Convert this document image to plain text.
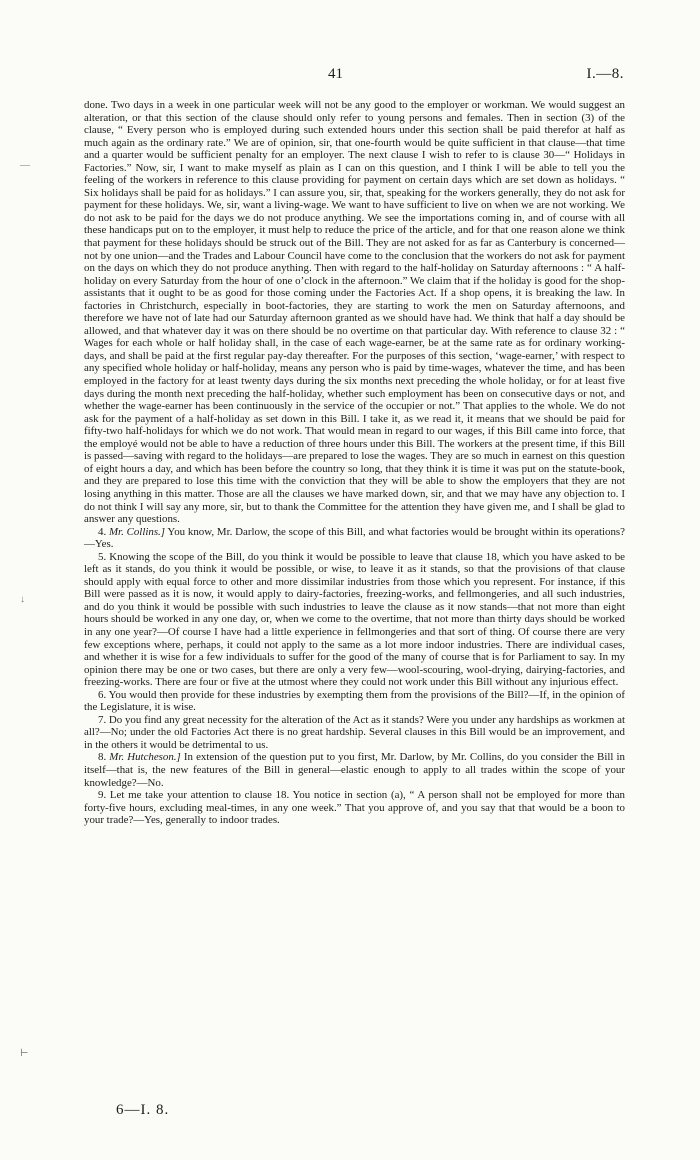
41	I.—8.

done. Two days in a week in one particular week will not be any good to the employer or workman. We would suggest an alteration, or that this section of the clause should only refer to young persons and females. Then in section (3) of the clause, “ Every person who is employed during such extended hours under this section shall be paid therefor at half as much again as the ordinary rate.” We are of opinion, sir, that one-fourth would be quite sufficient in that clause—that time and a quarter would be sufficient penalty for an employer. The next clause I wish to refer to is clause 30—“ Holidays in Factories.” Now, sir, I want to make myself as plain as I can on this question, and I think I will be able to tell you the feeling of the workers in reference to this clause providing for payment on certain days which are set down as holidays. “ Six holidays shall be paid for as holidays.” I can assure you, sir, that, speaking for the workers generally, they do not ask for payment for these holidays. We, sir, want a living-wage. We want to have sufficient to live on when we are not working. We do not ask to be paid for the days we do not produce anything. We see the importations coming in, and of course with all these handicaps put on to the employer, it must help to reduce the price of the article, and for that one reason alone we think that payment for these holidays should be struck out of the Bill. They are not asked for as far as Canterbury is concerned—not by one union—and the Trades and Labour Council have come to the conclusion that the workers do not ask for payment on the days on which they do not produce anything. Then with regard to the half-holiday on Saturday afternoons : “ A half-holiday on every Saturday from the hour of one o’clock in the afternoon.” We claim that if the holiday is good for the shop-assistants that it ought to be as good for those coming under the Factories Act. If a shop opens, it is breaking the law. In factories in Christchurch, especially in boot-factories, they are starting to work the men on Saturday afternoons, and therefore we have not of late had our Saturday afternoon granted as we should have had. We think that half a day should be allowed, and that whatever day it was on there should be no overtime on that particular day. With reference to clause 32 : “ Wages for each whole or half holiday shall, in the case of each wage-earner, be at the same rate as for ordinary working-days, and shall be paid at the first regular pay-day thereafter. For the purposes of this section, ‘wage-earner,’ with respect to any specified whole holiday or half-holiday, means any person who is paid by time-wages, whatever the time, and has been employed in the factory for at least twenty days during the six months next preceding the whole holiday, or for at least five days during the month next preceding the half-holiday, whether such employment has been on consecutive days or not, and whether the wage-earner has been continuously in the service of the occupier or not.” That applies to the whole. We do not ask for the payment of a half-holiday as set down in this Bill. I take it, as we read it, it means that we should be paid for fifty-two half-holidays for which we do not work. That would mean in regard to our wages, if this Bill came into force, that the employé would not be able to have a reduction of three hours under this Bill. The workers at the present time, if this Bill is passed—saving with regard to the holidays—are prepared to lose the wages. They are so much in earnest on this question of eight hours a day, and which has been before the country so long, that they think it is time it was put on the statute-book, and they are prepared to lose this time with the conviction that they will be able to show the employers that they are not losing anything in this matter. Those are all the clauses we have marked down, sir, and that we may have any objection to. I do not think I will say any more, sir, but to thank the Committee for the attention they have given me, and I shall be glad to answer any questions.

4. Mr. Collins.] You know, Mr. Darlow, the scope of this Bill, and what factories would be brought within its operations?—Yes.

5. Knowing the scope of the Bill, do you think it would be possible to leave that clause 18, which you have asked to be left as it stands, do you think it would be possible, or wise, to leave it as it stands, so that the provisions of that clause should apply with equal force to other and more dissimilar industries from those which you represent. For instance, if this Bill were passed as it is now, it would apply to dairy-factories, freezing-works, and fellmongeries, and all such industries, and do you think it would be possible with such industries to leave the clause as it now stands—that not more than eight hours should be worked in any one day, or, when we come to the overtime, that not more than thirty days should be worked in any one year?—Of course I have had a little experience in fellmongeries and that sort of thing. Of course there are very few exceptions where, perhaps, it could not apply to the same as a lot more indoor industries. There are individual cases, and whether it is wise for a few individuals to suffer for the good of the many of course that is for Parliament to say. In my opinion there may be one or two cases, but there are only a very few—wool-scouring, wool-drying, dairying-factories, and freezing-works. There are four or five at the utmost where they could not work under this Bill without any injurious effect.

6. You would then provide for these industries by exempting them from the provisions of the Bill?—If, in the opinion of the Legislature, it is wise.

7. Do you find any great necessity for the alteration of the Act as it stands? Were you under any hardships as workmen at all?—No; under the old Factories Act there is no great hardship. Several clauses in this Bill would be an improvement, and in the others it would be detrimental to us.

8. Mr. Hutcheson.] In extension of the question put to you first, Mr. Darlow, by Mr. Collins, do you consider the Bill in itself—that is, the new features of the Bill in general—elastic enough to apply to all trades within the scope of your knowledge?—No.

9. Let me take your attention to clause 18. You notice in section (a), “ A person shall not be employed for more than forty-five hours, excluding meal-times, in any one week.” That you approve of, and you say that that would be a boon to your trade?—Yes, generally to indoor trades.

6—I. 8.
—
↓
⊢
